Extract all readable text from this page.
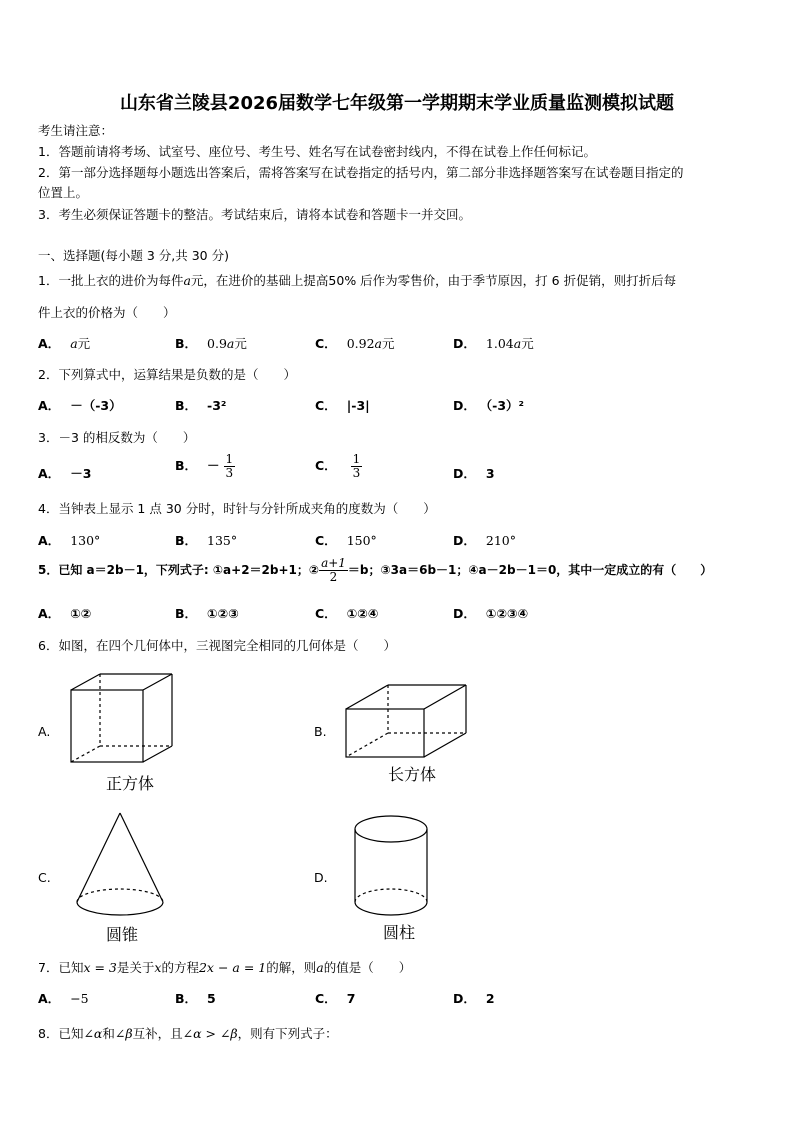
山东省兰陵县2026届数学七年级第一学期期末学业质量监测模拟试题
考生请注意：
1．答题前请将考场、试室号、座位号、考生号、姓名写在试卷密封线内，不得在试卷上作任何标记。
2．第一部分选择题每小题选出答案后，需将答案写在试卷指定的括号内，第二部分非选择题答案写在试卷题目指定的
位置上。
3．考生必须保证答题卡的整洁。考试结束后，请将本试卷和答题卡一并交回。
一、选择题(每小题 3 分,共 30 分)
1．一批上衣的进价为每件a元，在进价的基础上提高50% 后作为零售价，由于季节原因，打 6 折促销，则打折后每
件上衣的价格为（　　）
A． a元	B． 0.9a元	C． 0.92a元	D． 1.04a元
2．下列算式中，运算结果是负数的是（　　）
A． －（-3）	B． -3²	C． |-3|	D． （-3）²
3．－3 的相反数为（　　）
A． －3
B． － $\frac{1}{3}$	C． $\frac{1}{3}$	D． 3
4．当钟表上显示 1 点 30 分时，时针与分针所成夹角的度数为（　　）
A． 130°	B． 135°	C． 150°	D． 210°
5．已知 a＝2b－1，下列式子: ①a+2＝2b+1；② $\frac{a+1}{2} =b$；③3a＝6b－1；④a－2b－1＝0，其中一定成立的有（　　）
A． ①②	B． ①②③	C． ①②④	D． ①②③④
6．如图，在四个几何体中，三视图完全相同的几何体是（　　）
A.	B.
C.	D.
正方体	长方体
圆锥	圆柱
7．已知x = 3是关于x的方程2x − a = 1的解，则a的值是（　　）
A． −5	B． 5	C． 7	D． 2
8．已知∠α和∠β互补，且∠α > ∠β，则有下列式子：
